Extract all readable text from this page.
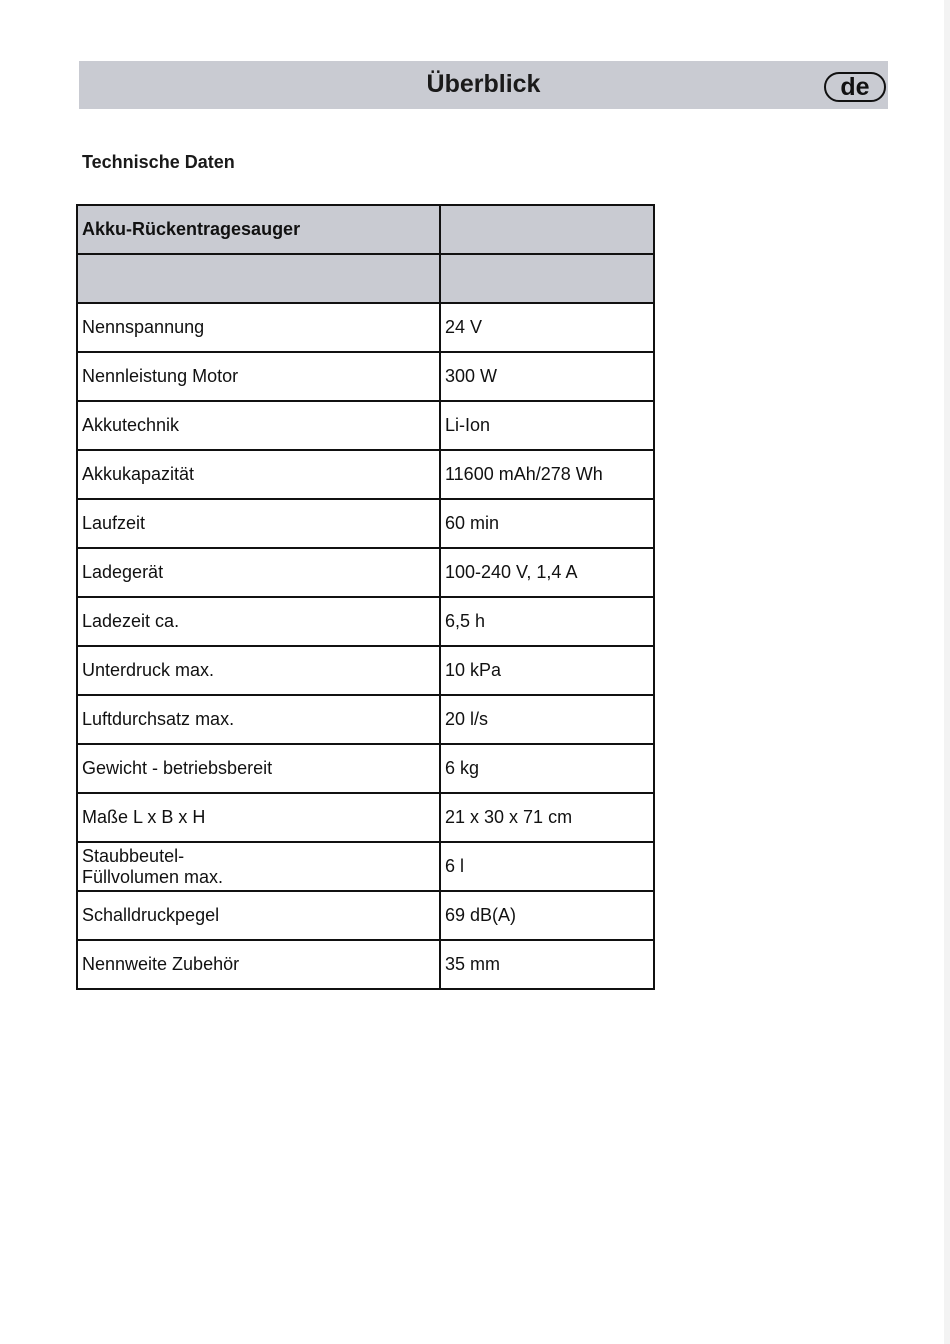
Überblick	de
Technische Daten
Akku-Rückentragesauger	

Nennspannung	24 V
Nennleistung Motor	300 W
Akkutechnik	Li-Ion
Akkukapazität	11600 mAh/278 Wh
Laufzeit	60 min
Ladegerät	100-240 V, 1,4 A
Ladezeit ca.	6,5 h
Unterdruck max.	10 kPa
Luftdurchsatz max.	20 l/s
Gewicht - betriebsbereit	6 kg
Maße L x B x H	21 x 30 x 71 cm

Staubbeutel-
Füllvolumen max.	6 l
Schalldruckpegel	69 dB(A)
Nennweite Zubehör	35 mm
